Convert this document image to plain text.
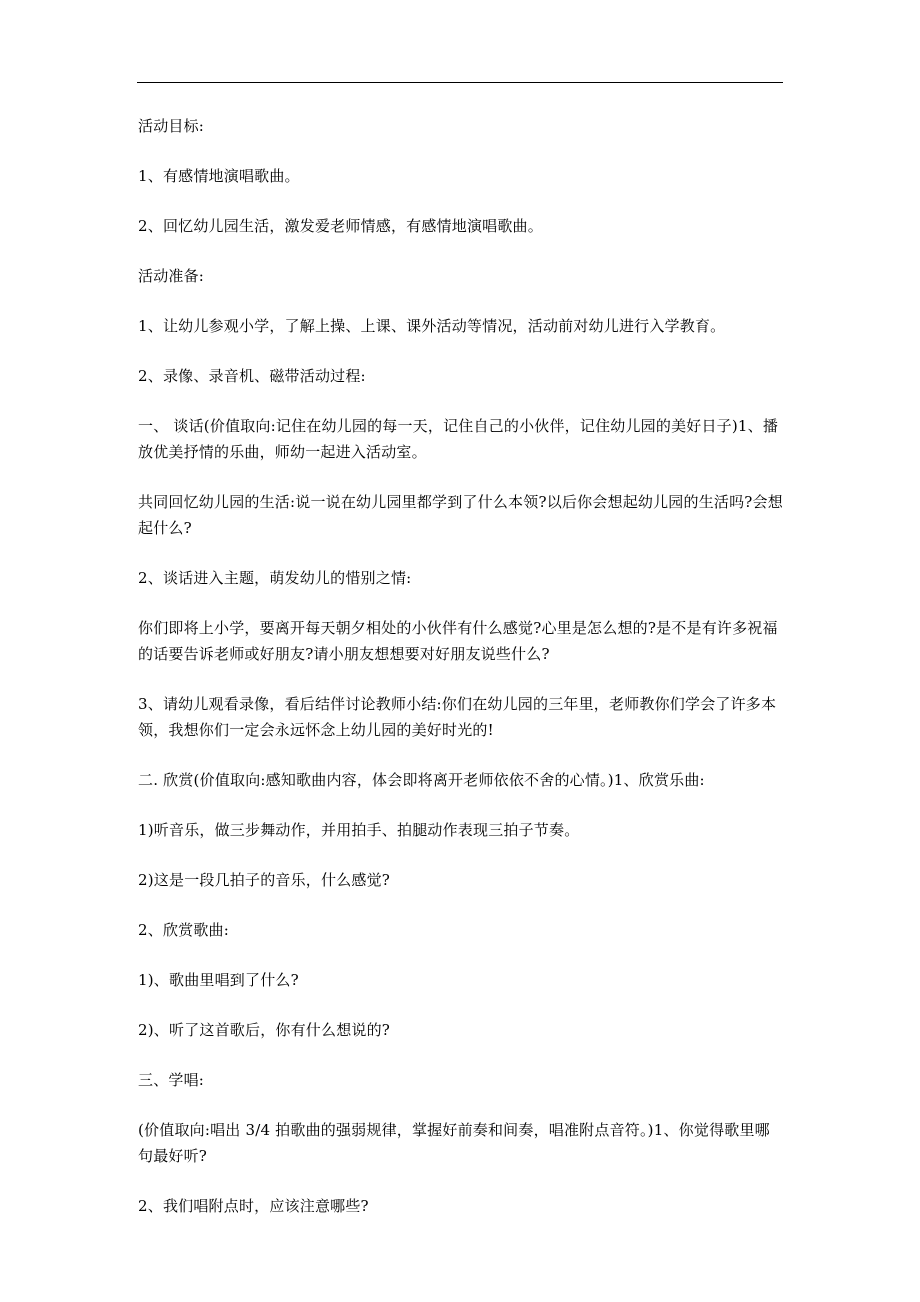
活动目标:

1、有感情地演唱歌曲。

2、回忆幼儿园生活，激发爱老师情感，有感情地演唱歌曲。

活动准备:

1、让幼儿参观小学，了解上操、上课、课外活动等情况，活动前对幼儿进行入学教育。

2、录像、录音机、磁带活动过程:

一、 谈话(价值取向:记住在幼儿园的每一天，记住自己的小伙伴，记住幼儿园的美好日子)1、播放优美抒情的乐曲，师幼一起进入活动室。

共同回忆幼儿园的生活:说一说在幼儿园里都学到了什么本领?以后你会想起幼儿园的生活吗?会想起什么?

2、谈话进入主题，萌发幼儿的惜别之情:

你们即将上小学，要离开每天朝夕相处的小伙伴有什么感觉?心里是怎么想的?是不是有许多祝福的话要告诉老师或好朋友?请小朋友想想要对好朋友说些什么?

3、请幼儿观看录像，看后结伴讨论教师小结:你们在幼儿园的三年里，老师教你们学会了许多本领，我想你们一定会永远怀念上幼儿园的美好时光的!

二. 欣赏(价值取向:感知歌曲内容，体会即将离开老师依依不舍的心情。)1、欣赏乐曲:

1)听音乐，做三步舞动作，并用拍手、拍腿动作表现三拍子节奏。

2)这是一段几拍子的音乐，什么感觉?

2、欣赏歌曲:

1)、歌曲里唱到了什么?

2)、听了这首歌后，你有什么想说的?

三、学唱:

(价值取向:唱出 3/4 拍歌曲的强弱规律，掌握好前奏和间奏，唱准附点音符。)1、你觉得歌里哪句最好听?

2、我们唱附点时，应该注意哪些?
